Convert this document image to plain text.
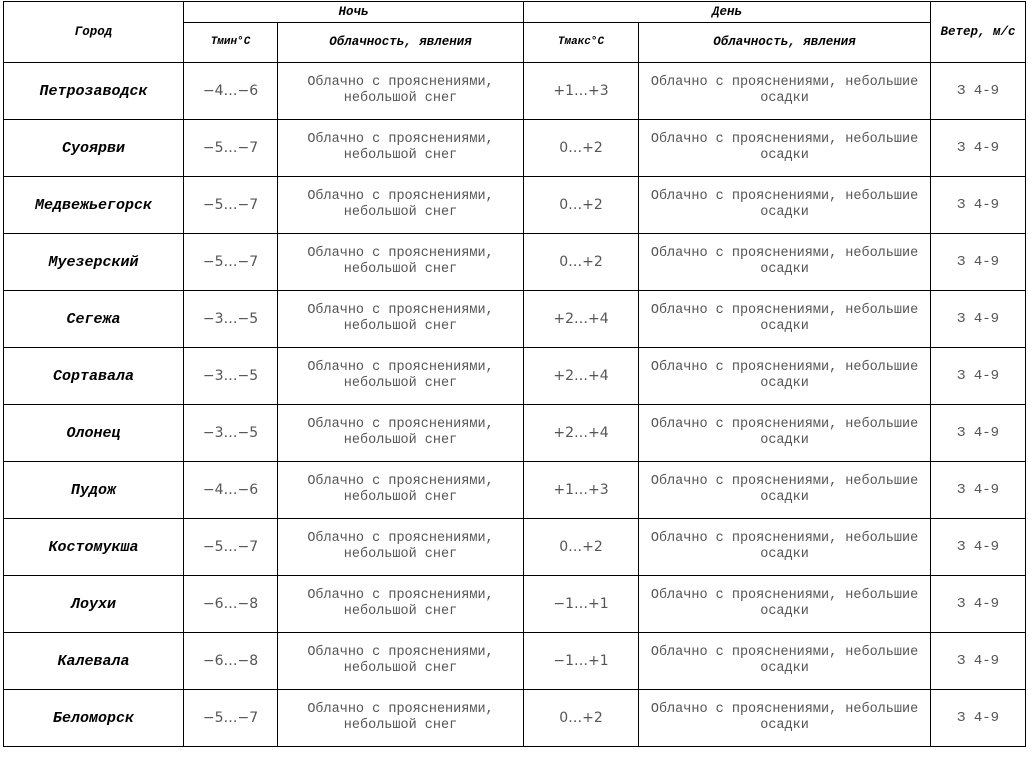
Город	Ночь		День		Ветер, м/с
	Тмин°С	Облачность, явления	Тмакс°С	Облачность, явления	
Петрозаводск	−4…−6	Облачно с прояснениями, небольшой снег	+1…+3	Облачно с прояснениями, небольшие осадки	З 4-9
Суоярви	−5…−7	Облачно с прояснениями, небольшой снег	0…+2	Облачно с прояснениями, небольшие осадки	З 4-9
Медвежьегорск	−5…−7	Облачно с прояснениями, небольшой снег	0…+2	Облачно с прояснениями, небольшие осадки	З 4-9
Муезерский	−5…−7	Облачно с прояснениями, небольшой снег	0…+2	Облачно с прояснениями, небольшие осадки	З 4-9
Сегежа	−3…−5	Облачно с прояснениями, небольшой снег	+2…+4	Облачно с прояснениями, небольшие осадки	З 4-9
Сортавала	−3…−5	Облачно с прояснениями, небольшой снег	+2…+4	Облачно с прояснениями, небольшие осадки	З 4-9
Олонец	−3…−5	Облачно с прояснениями, небольшой снег	+2…+4	Облачно с прояснениями, небольшие осадки	З 4-9
Пудож	−4…−6	Облачно с прояснениями, небольшой снег	+1…+3	Облачно с прояснениями, небольшие осадки	З 4-9
Костомукша	−5…−7	Облачно с прояснениями, небольшой снег	0…+2	Облачно с прояснениями, небольшие осадки	З 4-9
Лоухи	−6…−8	Облачно с прояснениями, небольшой снег	−1…+1	Облачно с прояснениями, небольшие осадки	З 4-9
Калевала	−6…−8	Облачно с прояснениями, небольшой снег	−1…+1	Облачно с прояснениями, небольшие осадки	З 4-9
Беломорск	−5…−7	Облачно с прояснениями, небольшой снег	0…+2	Облачно с прояснениями, небольшие осадки	З 4-9
